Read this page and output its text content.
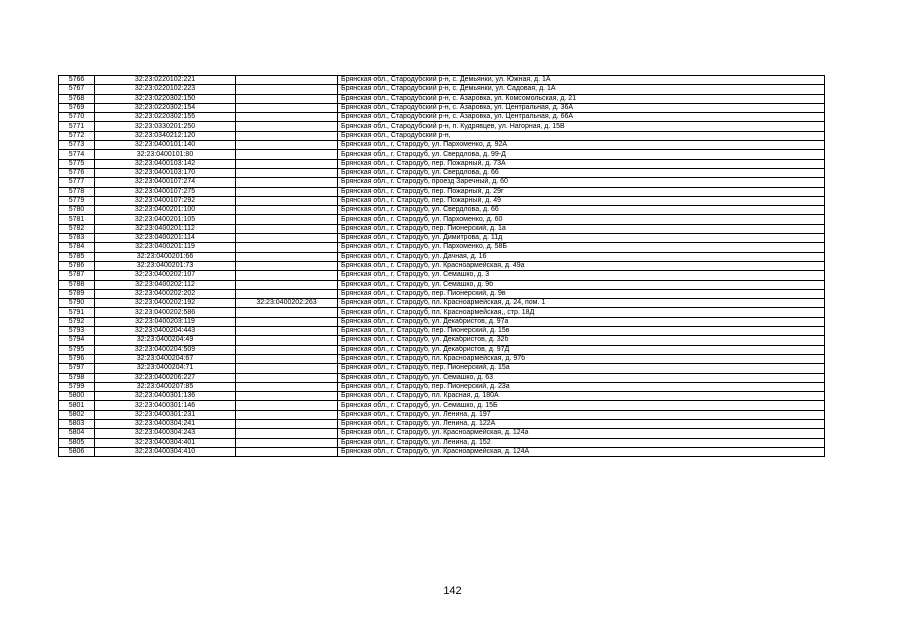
5766	32:23:0220102:221		Брянская обл., Стародубский р-н, с. Демьянки, ул. Южная, д. 1А
5767	32:23:0220102:223		Брянская обл., Стародубский р-н, с. Демьянки, ул. Садовая, д. 1А
5768	32:23:0220302:150		Брянская обл., Стародубский р-н, с. Азаровка, ул. Комсомольская, д. 21
5769	32:23:0220302:154		Брянская обл., Стародубский р-н, с. Азаровка, ул. Центральная, д. 36А
5770	32:23:0220302:155		Брянская обл., Стародубский р-н, с. Азаровка, ул. Центральная, д. 66А
5771	32:23:0330201:250		Брянская обл., Стародубский р-н, п. Кудрявцев, ул. Нагорная, д. 15В
5772	32:23:0340212:120		Брянская обл., Стародубский р-н,
5773	32:23:0400101:140		Брянская обл., г. Стародуб, ул. Пархоменко, д. 92А
5774	32:23:0400101:80		Брянская обл., г. Стародуб, ул. Свердлова, д. 99-Д
5775	32:23:0400103:142		Брянская обл., г. Стародуб, пер. Пожарный, д. 73А
5776	32:23:0400103:170		Брянская обл., г. Стародуб, ул. Свердлова, д. 66
5777	32:23:0400107:274		Брянская обл., г. Стародуб, проезд Заречный, д. 60
5778	32:23:0400107:275		Брянская обл., г. Стародуб, пер. Пожарный, д. 29г
5779	32:23:0400107:292		Брянская обл., г. Стародуб, пер. Пожарный, д. 49
5780	32:23:0400201:100		Брянская обл., г. Стародуб, ул. Свердлова, д. 66
5781	32:23:0400201:105		Брянская обл., г. Стародуб, ул. Пархоменко, д. 60
5782	32:23:0400201:112		Брянская обл., г. Стародуб, пер. Пионерский, д. 1а
5783	32:23:0400201:114		Брянская обл., г. Стародуб, ул. Димитрова, д. 11д
5784	32:23:0400201:119		Брянская обл., г. Стародуб, ул. Пархоменко, д. 58Б
5785	32:23:0400201:66		Брянская обл., г. Стародуб, ул. Дачная, д. 16
5786	32:23:0400201:73		Брянская обл., г. Стародуб, ул. Красноармейская, д. 49а
5787	32:23:0400202:107		Брянская обл., г. Стародуб, ул. Семашко, д. 3
5788	32:23:0400202:112		Брянская обл., г. Стародуб, ул. Семашко, д. 9б
5789	32:23:0400202:202		Брянская обл., г. Стародуб, пер. Пионерский, д. 9в
5790	32:23:0400202:192	32:23:0400202:263	Брянская обл., г. Стародуб, пл. Красноармейская, д. 24, пом. 1
5791	32:23:0400202:586		Брянская обл., г. Стародуб, пл. Красноармейская,, стр. 18Д
5792	32:23:0400203:119		Брянская обл., г. Стародуб, ул. Декабристов, д. 97а
5793	32:23:0400204:443		Брянская обл., г. Стародуб, пер. Пионерский, д. 15в
5794	32:23:0400204:49		Брянская обл., г. Стародуб, ул. Декабристов, д. 32б
5795	32:23:0400204:509		Брянская обл., г. Стародуб, ул. Декабристов, д. 97Д
5796	32:23:0400204:67		Брянская обл., г. Стародуб, пл. Красноармейская, д. 97б
5797	32:23:0400204:71		Брянская обл., г. Стародуб, пер. Пионерский, д. 15а
5798	32:23:0400206:227		Брянская обл., г. Стародуб, ул. Семашко, д. 63
5799	32:23:0400207:85		Брянская обл., г. Стародуб, пер. Пионерский, д. 23а
5800	32:23:0400301:136		Брянская обл., г. Стародуб, пл. Красная, д. 180А
5801	32:23:0400301:146		Брянская обл., г. Стародуб, ул. Семашко, д. 15Б
5802	32:23:0400301:231		Брянская обл., г. Стародуб, ул. Ленина, д. 197
5803	32:23:0400304:241		Брянская обл., г. Стародуб, ул. Ленина, д. 122А
5804	32:23:0400304:243		Брянская обл., г. Стародуб, ул. Красноармейская, д. 124а
5805	32:23:0400304:401		Брянская обл., г. Стародуб, ул. Ленина, д. 152
5806	32:23:0400304:410		Брянская обл., г. Стародуб, ул. Красноармейская, д. 124А
142
